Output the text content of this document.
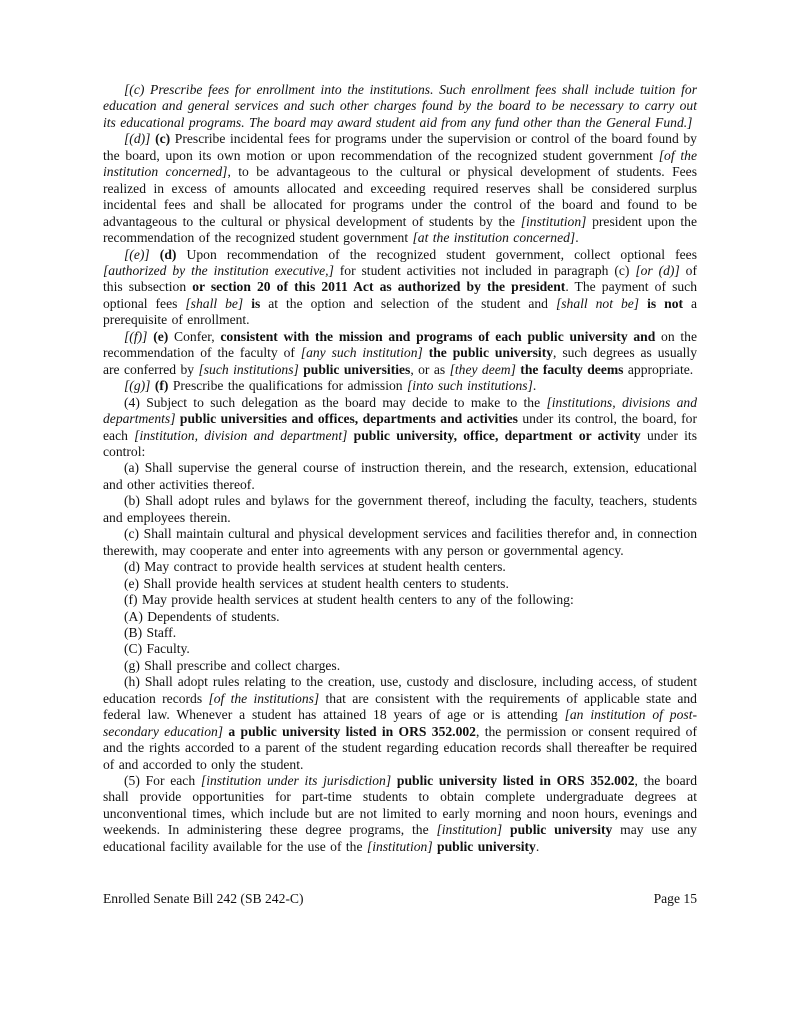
[(c) Prescribe fees for enrollment into the institutions. Such enrollment fees shall include tuition for education and general services and such other charges found by the board to be necessary to carry out its educational programs. The board may award student aid from any fund other than the General Fund.]

[(d)] (c) Prescribe incidental fees for programs under the supervision or control of the board found by the board, upon its own motion or upon recommendation of the recognized student government [of the institution concerned], to be advantageous to the cultural or physical development of students. Fees realized in excess of amounts allocated and exceeding required reserves shall be considered surplus incidental fees and shall be allocated for programs under the control of the board and found to be advantageous to the cultural or physical development of students by the [institution] president upon the recommendation of the recognized student government [at the institution concerned].

[(e)] (d) Upon recommendation of the recognized student government, collect optional fees [authorized by the institution executive,] for student activities not included in paragraph (c) [or (d)] of this subsection or section 20 of this 2011 Act as authorized by the president. The payment of such optional fees [shall be] is at the option and selection of the student and [shall not be] is not a prerequisite of enrollment.

[(f)] (e) Confer, consistent with the mission and programs of each public university and on the recommendation of the faculty of [any such institution] the public university, such degrees as usually are conferred by [such institutions] public universities, or as [they deem] the faculty deems appropriate.

[(g)] (f) Prescribe the qualifications for admission [into such institutions].

(4) Subject to such delegation as the board may decide to make to the [institutions, divisions and departments] public universities and offices, departments and activities under its control, the board, for each [institution, division and department] public university, office, department or activity under its control:

(a) Shall supervise the general course of instruction therein, and the research, extension, educational and other activities thereof.

(b) Shall adopt rules and bylaws for the government thereof, including the faculty, teachers, students and employees therein.

(c) Shall maintain cultural and physical development services and facilities therefor and, in connection therewith, may cooperate and enter into agreements with any person or governmental agency.

(d) May contract to provide health services at student health centers.

(e) Shall provide health services at student health centers to students.

(f) May provide health services at student health centers to any of the following:

(A) Dependents of students.

(B) Staff.

(C) Faculty.

(g) Shall prescribe and collect charges.

(h) Shall adopt rules relating to the creation, use, custody and disclosure, including access, of student education records [of the institutions] that are consistent with the requirements of applicable state and federal law. Whenever a student has attained 18 years of age or is attending [an institution of post-secondary education] a public university listed in ORS 352.002, the permission or consent required of and the rights accorded to a parent of the student regarding education records shall thereafter be required of and accorded to only the student.

(5) For each [institution under its jurisdiction] public university listed in ORS 352.002, the board shall provide opportunities for part-time students to obtain complete undergraduate degrees at unconventional times, which include but are not limited to early morning and noon hours, evenings and weekends. In administering these degree programs, the [institution] public university may use any educational facility available for the use of the [institution] public university.

Enrolled Senate Bill 242 (SB 242-C)	Page 15
